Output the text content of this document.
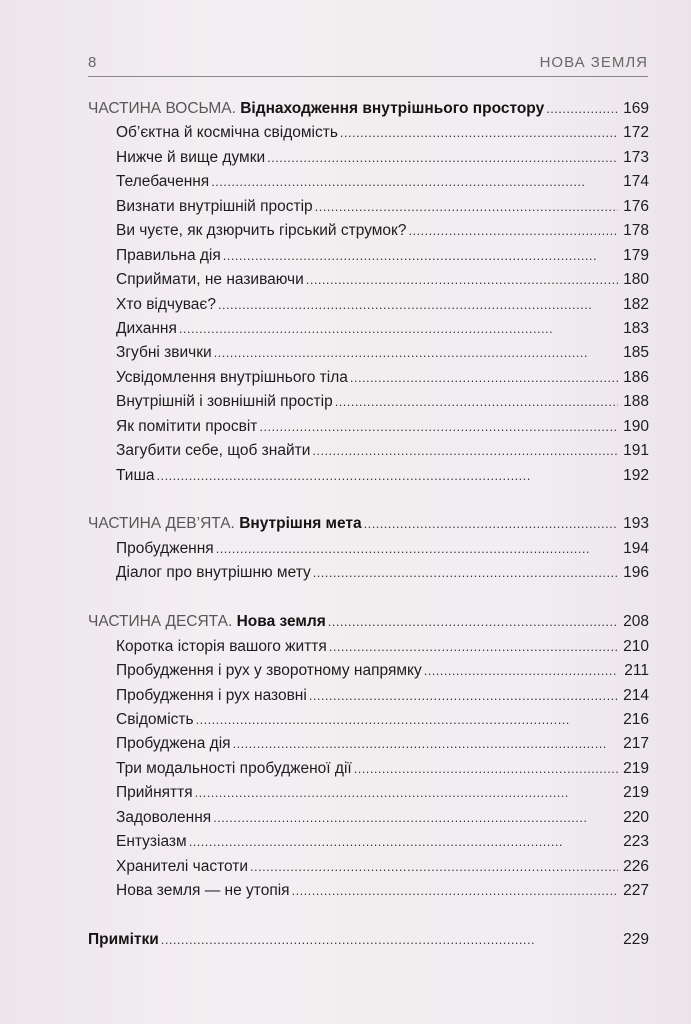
8	НОВА ЗЕМЛЯ
ЧАСТИНА ВОСЬМА. Віднаходження внутрішнього простору . . .	169
Об’єктна й космічна свідомість . . .	172
Нижче й вище думки . . .	173
Телебачення . . .	174
Визнати внутрішній простір . . .	176
Ви чуєте, як дзюрчить гірський струмок? . . .	178
Правильна дія . . .	179
Сприймати, не називаючи . . .	180
Хто відчуває? . . .	182
Дихання . . .	183
Згубні звички . . .	185
Усвідомлення внутрішнього тіла . . .	186
Внутрішній і зовнішній простір . . .	188
Як помітити просвіт . . .	190
Загубити себе, щоб знайти . . .	191
Тиша . . .	192
ЧАСТИНА ДЕВ’ЯТА. Внутрішня мета . . .	193
Пробудження . . .	194
Діалог про внутрішню мету . . .	196
ЧАСТИНА ДЕСЯТА. Нова земля . . .	208
Коротка історія вашого життя . . .	210
Пробудження і рух у зворотному напрямку . . .	211
Пробудження і рух назовні . . .	214
Свідомість . . .	216
Пробуджена дія . . .	217
Три модальності пробудженої дії . . .	219
Прийняття . . .	219
Задоволення . . .	220
Ентузіазм . . .	223
Хранителі частоти . . .	226
Нова земля — не утопія . . .	227
Примітки . . .	229
